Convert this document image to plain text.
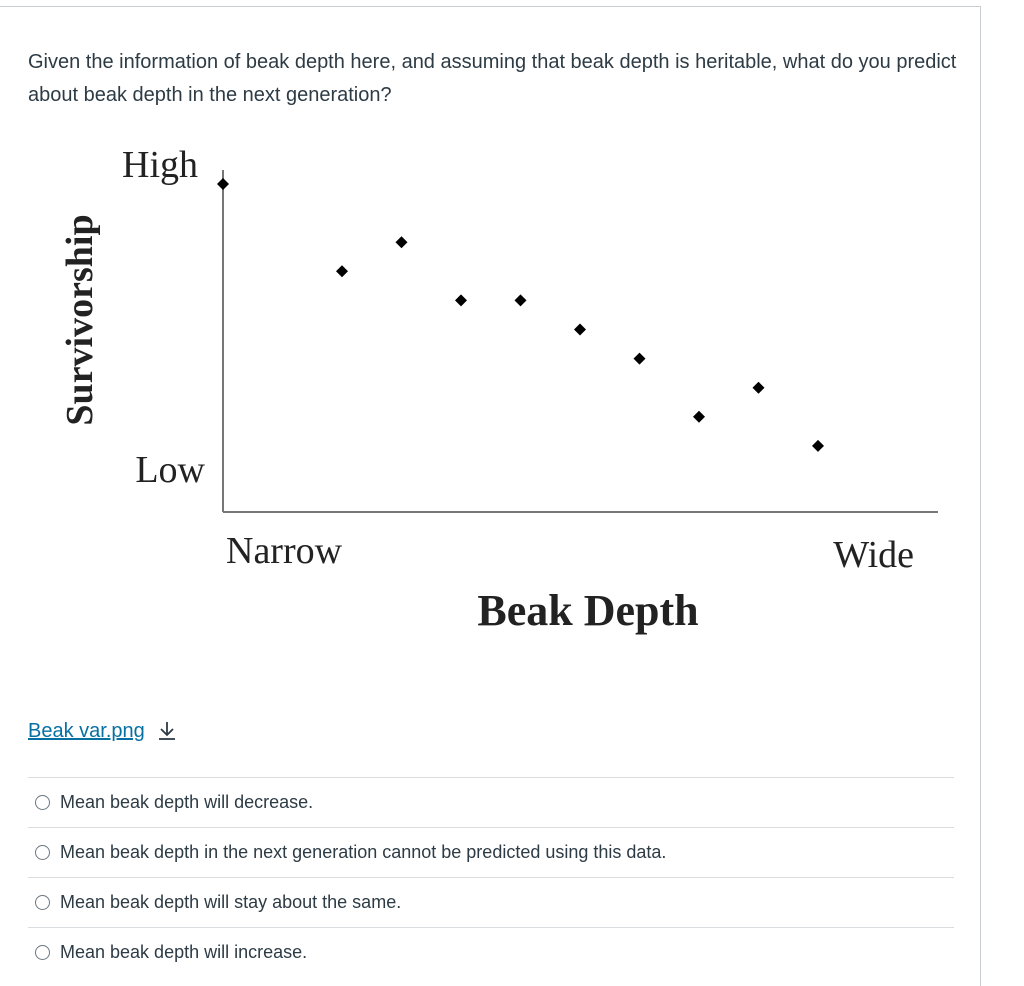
Given the information of beak depth here, and assuming that beak depth is heritable, what do you predict about beak depth in the next generation?

Survivorship
High
Low
Narrow	Wide
Beak Depth
Beak var.png
Mean beak depth will decrease.
Mean beak depth in the next generation cannot be predicted using this data.
Mean beak depth will stay about the same.
Mean beak depth will increase.
